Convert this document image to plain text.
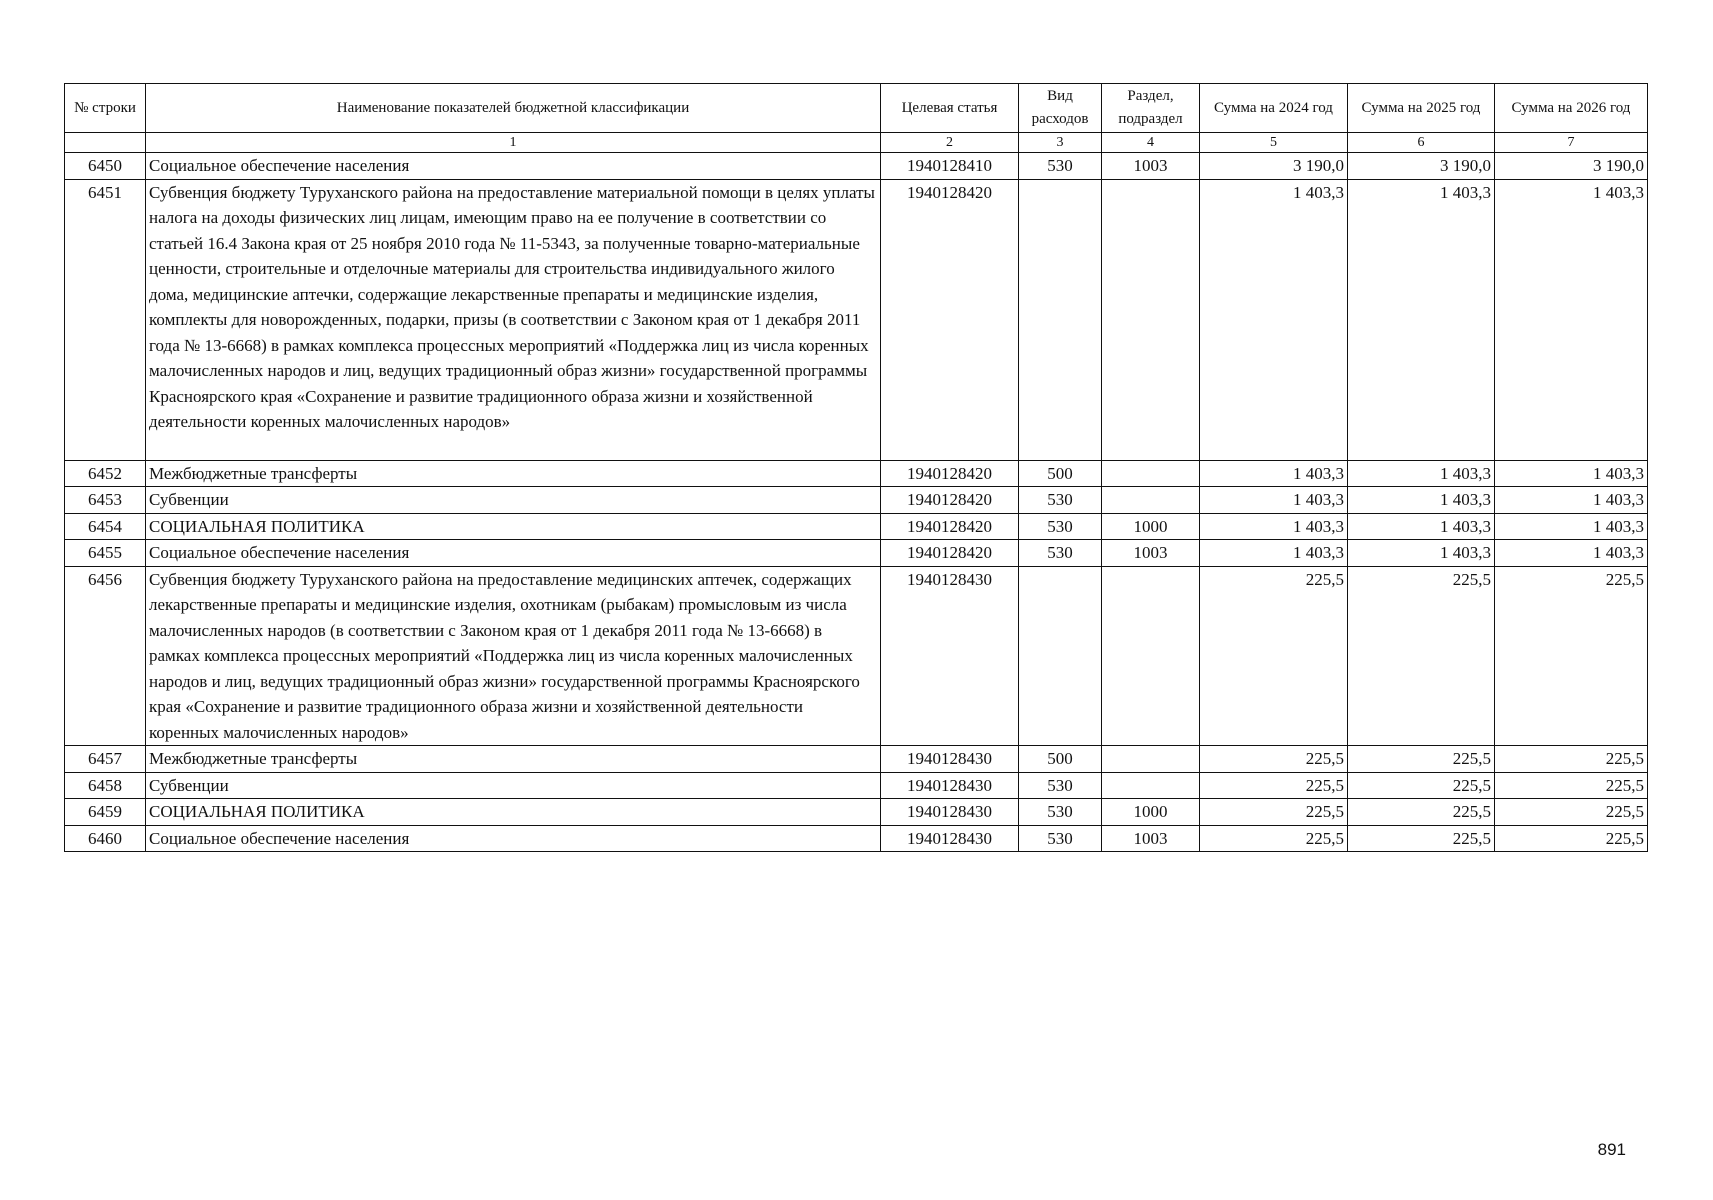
№ строки	Наименование показателей бюджетной классификации	Целевая статья	Вид расходов	Раздел, подраздел	Сумма на 2024 год	Сумма на 2025 год	Сумма на 2026 год
	1	2	3	4	5	6	7
6450	Социальное обеспечение населения	1940128410	530	1003	3 190,0	3 190,0	3 190,0
6451	Субвенция бюджету Туруханского района на предоставление материальной помощи в целях уплаты налога на доходы физических лиц лицам, имеющим право на ее получение в соответствии со статьей 16.4 Закона края от 25 ноября 2010 года № 11-5343, за полученные товарно-материальные ценности, строительные и отделочные материалы для строительства индивидуального жилого дома, медицинские аптечки, содержащие лекарственные препараты и медицинские изделия, комплекты для новорожденных, подарки, призы (в соответствии с Законом края от 1 декабря 2011 года № 13-6668) в рамках комплекса процессных мероприятий «Поддержка лиц из числа коренных малочисленных народов и лиц, ведущих традиционный образ жизни» государственной программы Красноярского края «Сохранение и развитие традиционного образа жизни и хозяйственной деятельности коренных малочисленных народов»	1940128420			1 403,3	1 403,3	1 403,3
6452	Межбюджетные трансферты	1940128420	500		1 403,3	1 403,3	1 403,3
6453	Субвенции	1940128420	530		1 403,3	1 403,3	1 403,3
6454	СОЦИАЛЬНАЯ ПОЛИТИКА	1940128420	530	1000	1 403,3	1 403,3	1 403,3
6455	Социальное обеспечение населения	1940128420	530	1003	1 403,3	1 403,3	1 403,3
6456	Субвенция бюджету Туруханского района на предоставление медицинских аптечек, содержащих лекарственные препараты и медицинские изделия, охотникам (рыбакам) промысловым из числа малочисленных народов (в соответствии с Законом края от 1 декабря 2011 года № 13-6668) в рамках комплекса процессных мероприятий «Поддержка лиц из числа коренных малочисленных народов и лиц, ведущих традиционный образ жизни» государственной программы Красноярского края «Сохранение и развитие традиционного образа жизни и хозяйственной деятельности коренных малочисленных народов»	1940128430			225,5	225,5	225,5
6457	Межбюджетные трансферты	1940128430	500		225,5	225,5	225,5
6458	Субвенции	1940128430	530		225,5	225,5	225,5
6459	СОЦИАЛЬНАЯ ПОЛИТИКА	1940128430	530	1000	225,5	225,5	225,5
6460	Социальное обеспечение населения	1940128430	530	1003	225,5	225,5	225,5
891
